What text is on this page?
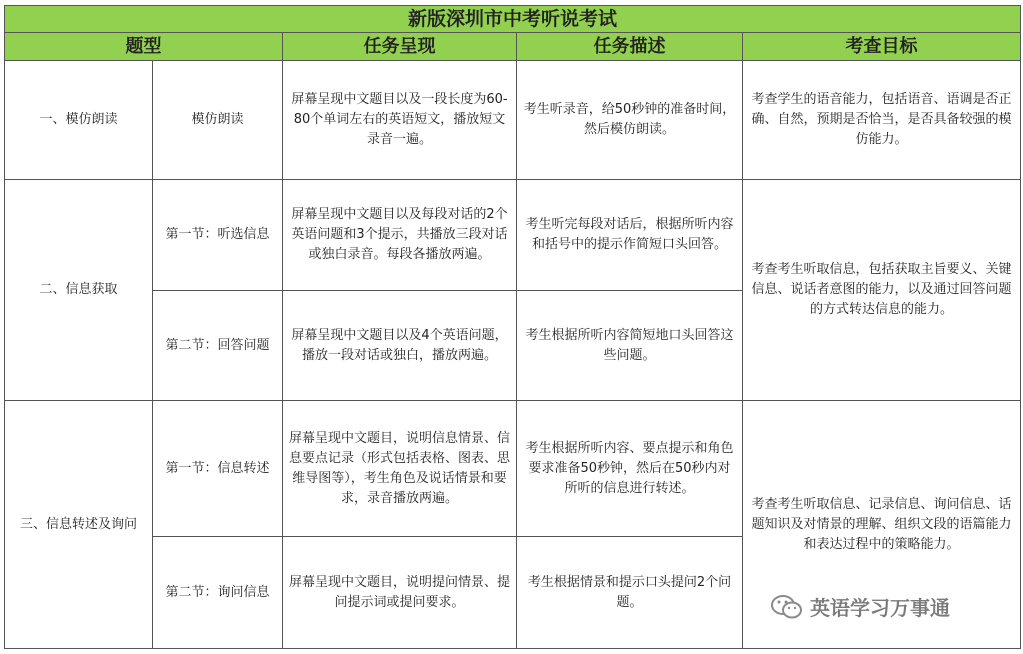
新版深圳市中考听说考试				
题型		任务呈现	任务描述	考查目标
一、模仿朗读	模仿朗读	屏幕呈现中文题目以及一段长度为60-80个单词左右的英语短文，播放短文录音一遍。	考生听录音，给50秒钟的准备时间，然后模仿朗读。	考查学生的语音能力，包括语音、语调是否正确、自然，预期是否恰当，是否具备较强的模仿能力。
二、信息获取	第一节：听选信息	屏幕呈现中文题目以及每段对话的2个英语问题和3个提示，共播放三段对话或独白录音。每段各播放两遍。	考生听完每段对话后，根据所听内容和括号中的提示作简短口头回答。	考查考生听取信息，包括获取主旨要义、关键信息、说话者意图的能力，以及通过回答问题的方式转达信息的能力。
	第二节：回答问题	屏幕呈现中文题目以及4个英语问题，播放一段对话或独白，播放两遍。	考生根据所听内容简短地口头回答这些问题。	
三、信息转述及询问	第一节：信息转述	屏幕呈现中文题目，说明信息情景、信息要点记录（形式包括表格、图表、思维导图等），考生角色及说话情景和要求，录音播放两遍。	考生根据所听内容、要点提示和角色要求准备50秒钟，然后在50秒内对所听的信息进行转述。	考查考生听取信息、记录信息、询问信息、话题知识及对情景的理解、组织文段的语篇能力和表达过程中的策略能力。
	第二节：询问信息	屏幕呈现中文题目，说明提问情景、提问提示词或提问要求。	考生根据情景和提示口头提问2个问题。		英语学习万事通
